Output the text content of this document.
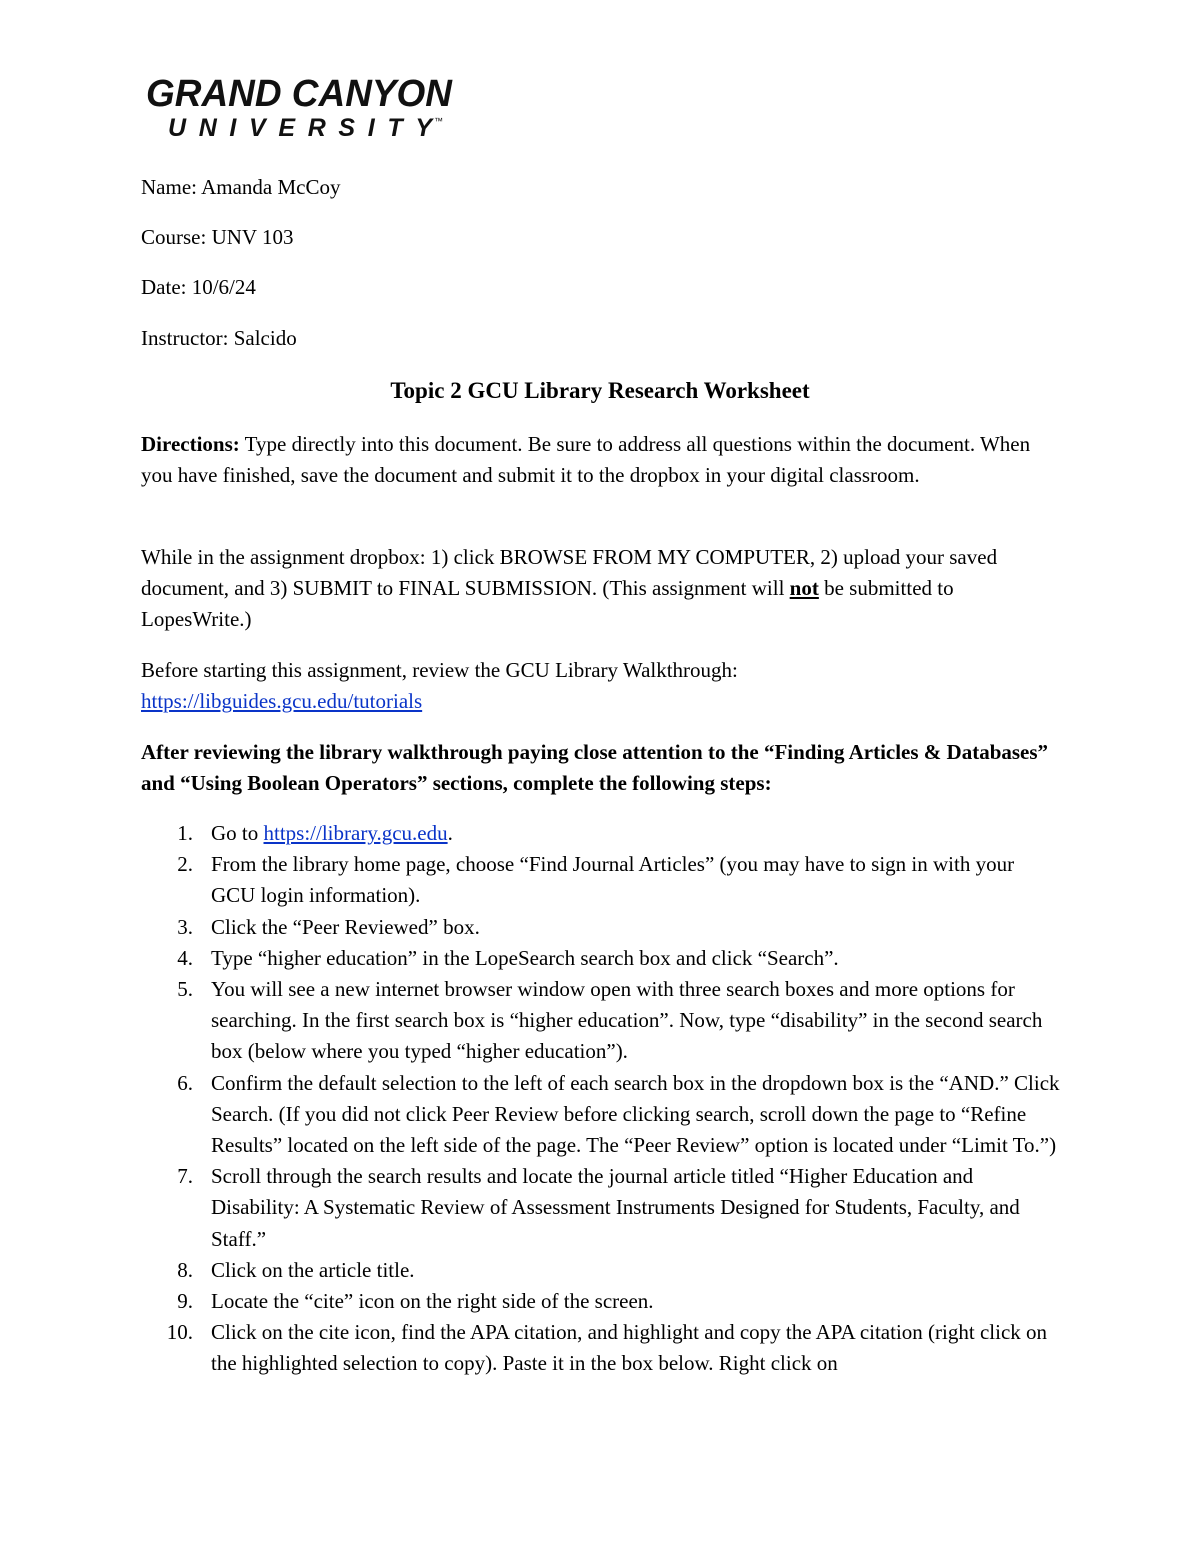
GRAND CANYON
UNIVERSITY ™
Name: Amanda McCoy
Course: UNV 103
Date: 10/6/24
Instructor: Salcido
Topic 2 GCU Library Research Worksheet
Directions: Type directly into this document. Be sure to address all questions within the document. When you have finished, save the document and submit it to the dropbox in your digital classroom.
While in the assignment dropbox: 1) click BROWSE FROM MY COMPUTER, 2) upload your saved document, and 3) SUBMIT to FINAL SUBMISSION. (This assignment will not be submitted to LopesWrite.)
Before starting this assignment, review the GCU Library Walkthrough:
https://libguides.gcu.edu/tutorials
After reviewing the library walkthrough paying close attention to the “Finding Articles & Databases” and “Using Boolean Operators” sections, complete the following steps:
1. Go to https://library.gcu.edu.
2. From the library home page, choose “Find Journal Articles” (you may have to sign in with your GCU login information).
3. Click the “Peer Reviewed” box.
4. Type “higher education” in the LopeSearch search box and click “Search”.
5. You will see a new internet browser window open with three search boxes and more options for searching. In the first search box is “higher education”. Now, type “disability” in the second search box (below where you typed “higher education”).
6. Confirm the default selection to the left of each search box in the dropdown box is the “AND.” Click Search. (If you did not click Peer Review before clicking search, scroll down the page to “Refine Results” located on the left side of the page. The “Peer Review” option is located under “Limit To.”)
7. Scroll through the search results and locate the journal article titled “Higher Education and Disability: A Systematic Review of Assessment Instruments Designed for Students, Faculty, and Staff.”
8. Click on the article title.
9. Locate the “cite” icon on the right side of the screen.
10. Click on the cite icon, find the APA citation, and highlight and copy the APA citation (right click on the highlighted selection to copy). Paste it in the box below. Right click on
